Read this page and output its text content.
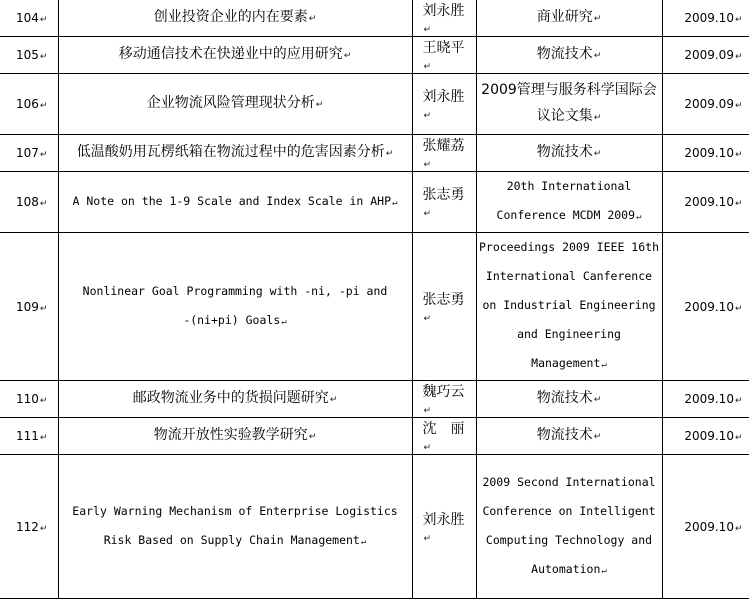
104↵	创业投资企业的内在要素↵	刘永胜↵	商业研究↵	2009.10↵
105↵	移动通信技术在快递业中的应用研究↵	王晓平↵	物流技术↵	2009.09↵
106↵	企业物流风险管理现状分析↵	刘永胜↵	2009管理与服务科学国际会议论文集↵	2009.09↵
107↵	低温酸奶用瓦楞纸箱在物流过程中的危害因素分析↵	张耀荔↵	物流技术↵	2009.10↵
108↵	A Note on the 1-9 Scale and Index Scale in AHP↵	张志勇↵	20th International Conference MCDM 2009↵	2009.10↵
109↵	Nonlinear Goal Programming with -ni, -pi and -(ni+pi) Goals↵	张志勇↵	Proceedings 2009 IEEE 16th International Canference on Industrial Engineering and Engineering Management↵	2009.10↵
110↵	邮政物流业务中的货损问题研究↵	魏巧云↵	物流技术↵	2009.10↵
111↵	物流开放性实验教学研究↵	沈　丽↵	物流技术↵	2009.10↵
112↵	Early Warning Mechanism of Enterprise Logistics Risk Based on Supply Chain Management↵	刘永胜↵	2009 Second International Conference on Intelligent Computing Technology and Automation↵	2009.10↵
